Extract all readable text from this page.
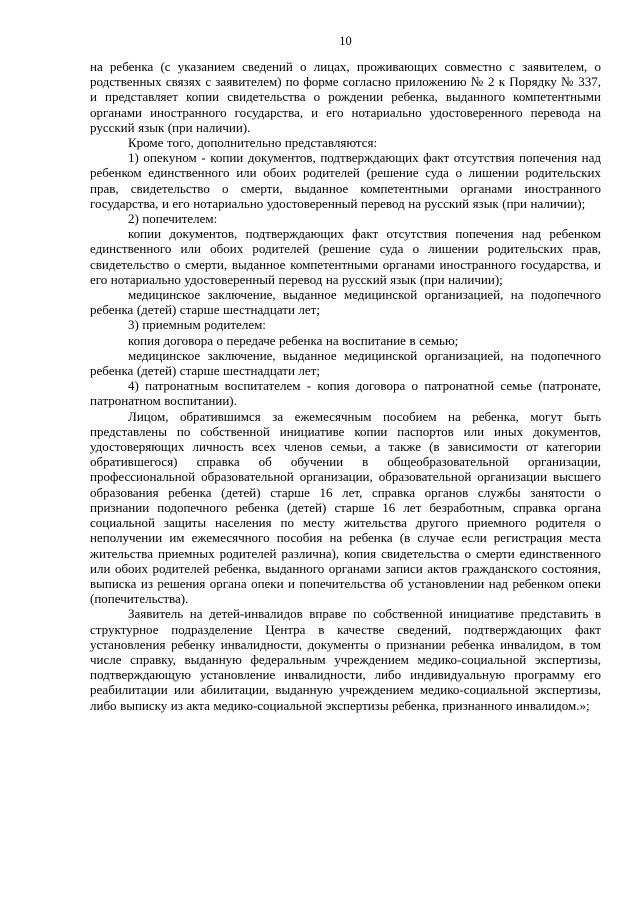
10

на ребенка (с указанием сведений о лицах, проживающих совместно с заявителем, о родственных связях с заявителем) по форме согласно приложению № 2 к Порядку № 337, и представляет копии свидетельства о рождении ребенка, выданного компетентными органами иностранного государства, и его нотариально удостоверенного перевода на русский язык (при наличии).

Кроме того, дополнительно представляются:

1) опекуном - копии документов, подтверждающих факт отсутствия попечения над ребенком единственного или обоих родителей (решение суда о лишении родительских прав, свидетельство о смерти, выданное компетентными органами иностранного государства, и его нотариально удостоверенный перевод на русский язык (при наличии);

2) попечителем:

копии документов, подтверждающих факт отсутствия попечения над ребенком единственного или обоих родителей (решение суда о лишении родительских прав, свидетельство о смерти, выданное компетентными органами иностранного государства, и его нотариально удостоверенный перевод на русский язык (при наличии);

медицинское заключение, выданное медицинской организацией, на подопечного ребенка (детей) старше шестнадцати лет;

3) приемным родителем:

копия договора о передаче ребенка на воспитание в семью;

медицинское заключение, выданное медицинской организацией, на подопечного ребенка (детей) старше шестнадцати лет;

4) патронатным воспитателем - копия договора о патронатной семье (патронате, патронатном воспитании).

Лицом, обратившимся за ежемесячным пособием на ребенка, могут быть представлены по собственной инициативе копии паспортов или иных документов, удостоверяющих личность всех членов семьи, а также (в зависимости от категории обратившегося) справка об обучении в общеобразовательной организации, профессиональной образовательной организации, образовательной организации высшего образования ребенка (детей) старше 16 лет, справка органов службы занятости о признании подопечного ребенка (детей) старше 16 лет безработным, справка органа социальной защиты населения по месту жительства другого приемного родителя о неполучении им ежемесячного пособия на ребенка (в случае если регистрация места жительства приемных родителей различна), копия свидетельства о смерти единственного или обоих родителей ребенка, выданного органами записи актов гражданского состояния, выписка из решения органа опеки и попечительства об установлении над ребенком опеки (попечительства).

Заявитель на детей-инвалидов вправе по собственной инициативе представить в структурное подразделение Центра в качестве сведений, подтверждающих факт установления ребенку инвалидности, документы о признании ребенка инвалидом, в том числе справку, выданную федеральным учреждением медико-социальной экспертизы, подтверждающую установление инвалидности, либо индивидуальную программу его реабилитации или абилитации, выданную учреждением медико-социальной экспертизы, либо выписку из акта медико-социальной экспертизы ребенка, признанного инвалидом.»;
